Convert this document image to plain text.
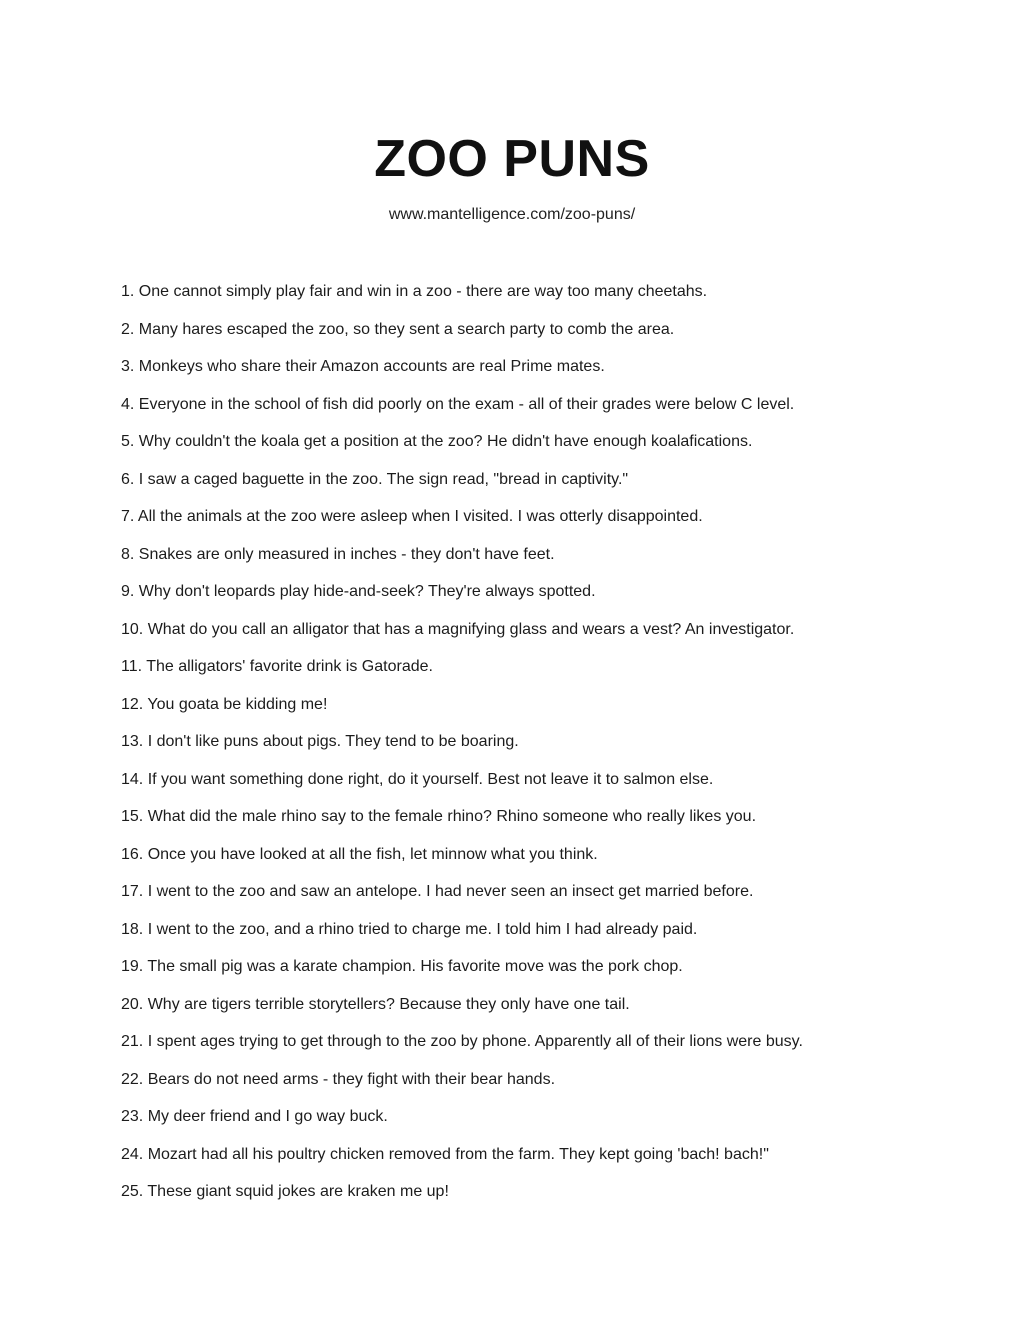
ZOO PUNS
www.mantelligence.com/zoo-puns/
1. One cannot simply play fair and win in a zoo - there are way too many cheetahs.
2. Many hares escaped the zoo, so they sent a search party to comb the area.
3. Monkeys who share their Amazon accounts are real Prime mates.
4. Everyone in the school of fish did poorly on the exam - all of their grades were below C level.
5. Why couldn't the koala get a position at the zoo? He didn't have enough koalafications.
6. I saw a caged baguette in the zoo. The sign read, "bread in captivity."
7. All the animals at the zoo were asleep when I visited. I was otterly disappointed.
8. Snakes are only measured in inches - they don't have feet.
9. Why don't leopards play hide-and-seek? They're always spotted.
10. What do you call an alligator that has a magnifying glass and wears a vest? An investigator.
11. The alligators' favorite drink is Gatorade.
12. You goata be kidding me!
13. I don't like puns about pigs. They tend to be boaring.
14. If you want something done right, do it yourself. Best not leave it to salmon else.
15. What did the male rhino say to the female rhino? Rhino someone who really likes you.
16. Once you have looked at all the fish, let minnow what you think.
17. I went to the zoo and saw an antelope. I had never seen an insect get married before.
18. I went to the zoo, and a rhino tried to charge me. I told him I had already paid.
19. The small pig was a karate champion. His favorite move was the pork chop.
20. Why are tigers terrible storytellers? Because they only have one tail.
21. I spent ages trying to get through to the zoo by phone. Apparently all of their lions were busy.
22. Bears do not need arms - they fight with their bear hands.
23. My deer friend and I go way buck.
24. Mozart had all his poultry chicken removed from the farm. They kept going 'bach! bach!"
25. These giant squid jokes are kraken me up!
